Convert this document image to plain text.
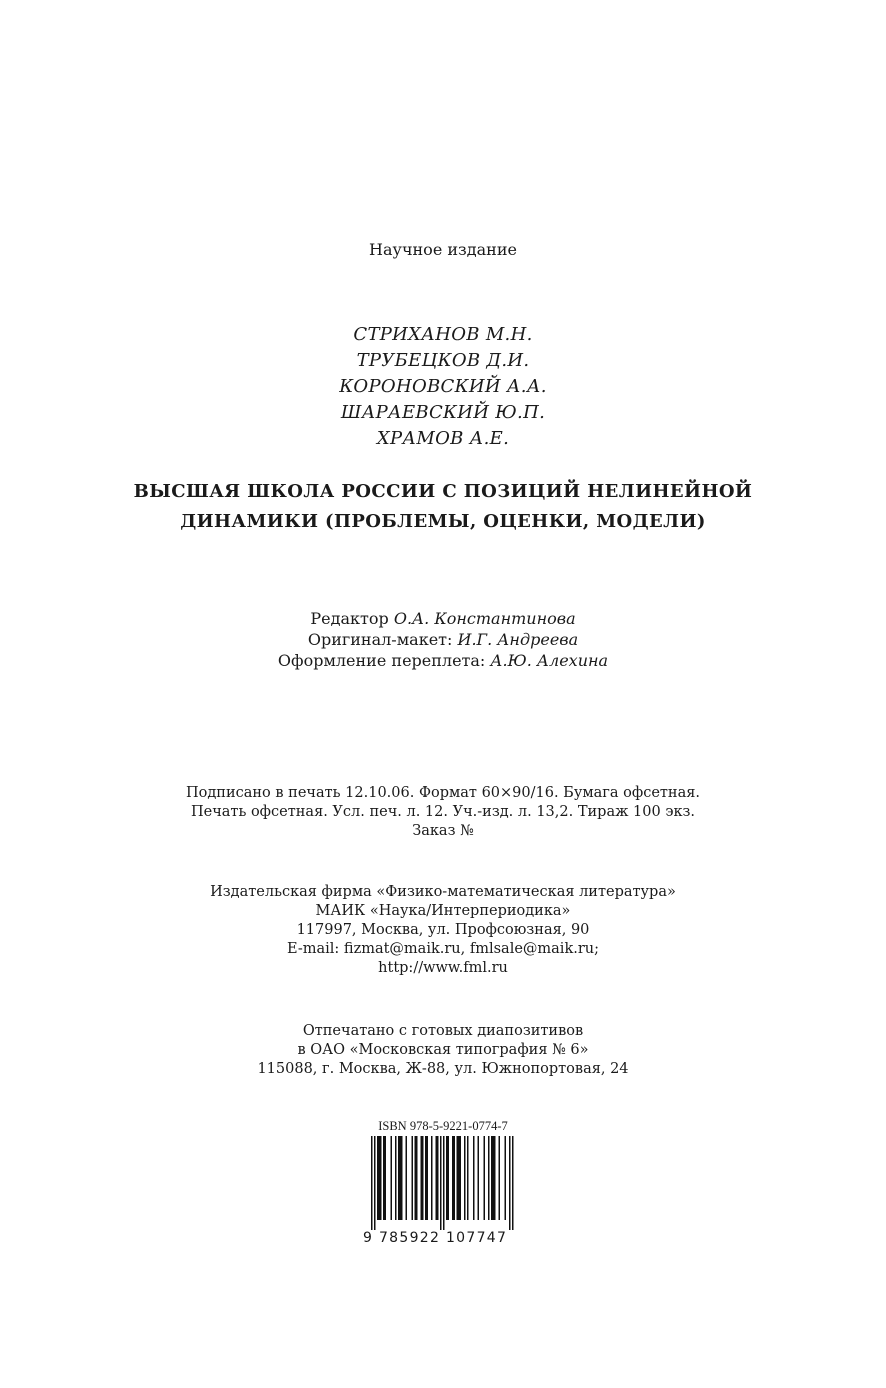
Научное издание
СТРИХАНОВ М.Н.
ТРУБЕЦКОВ Д.И.
КОРОНОВСКИЙ А.А.
ШАРАЕВСКИЙ Ю.П.
ХРАМОВ А.Е.
ВЫСШАЯ ШКОЛА РОССИИ С ПОЗИЦИЙ НЕЛИНЕЙНОЙ
ДИНАМИКИ (ПРОБЛЕМЫ, ОЦЕНКИ, МОДЕЛИ)
Редактор О.А. Константинова
Оригинал-макет: И.Г. Андреева
Оформление переплета: А.Ю. Алехина
Подписано в печать 12.10.06. Формат 60×90/16. Бумага офсетная.
Печать офсетная. Усл. печ. л. 12. Уч.-изд. л. 13,2. Тираж 100 экз.
Заказ №
Издательская фирма «Физико-математическая литература»
МАИК «Наука/Интерпериодика»
117997, Москва, ул. Профсоюзная, 90
E-mail: fizmat@maik.ru, fmlsale@maik.ru;
http://www.fml.ru
Отпечатано с готовых диапозитивов
в ОАО «Московская типография № 6»
115088, г. Москва, Ж-88, ул. Южнопортовая, 24
ISBN 978-5-9221-0774-7
9 785922 107747
